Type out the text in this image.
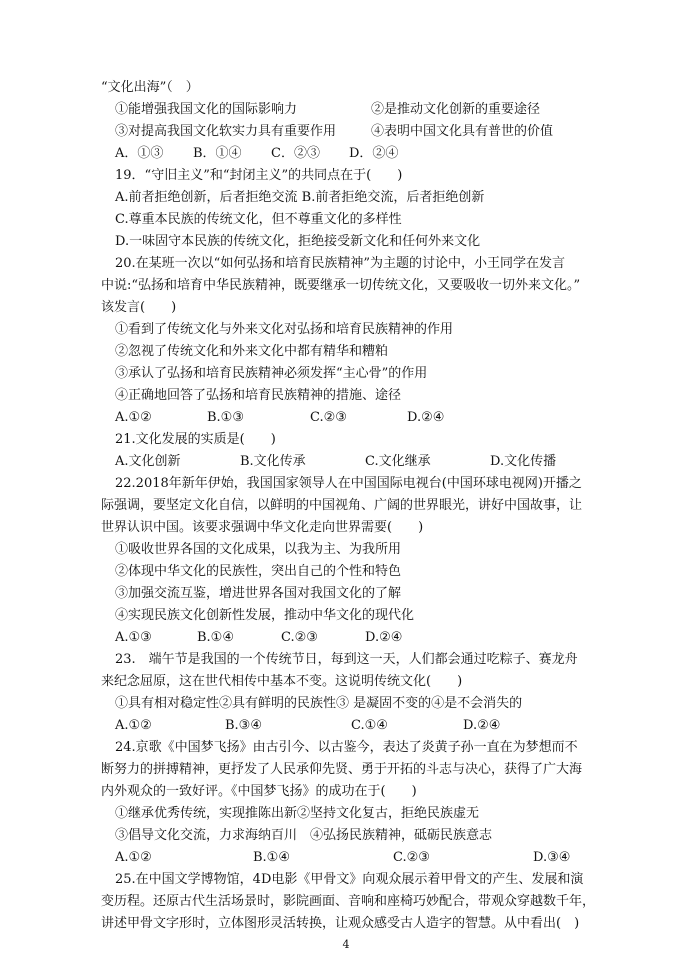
“文化出海”（　）
①能增强我国文化的国际影响力	②是推动文化创新的重要途径
③对提高我国文化软实力具有重要作用	④表明中国文化具有普世的价值
A．①③ B．①④ C．②③ D．②④
19．“守旧主义”和“封闭主义”的共同点在于(　　)
A.前者拒绝创新，后者拒绝交流 B.前者拒绝交流，后者拒绝创新
C.尊重本民族的传统文化，但不尊重文化的多样性
D.一味固守本民族的传统文化，拒绝接受新文化和任何外来文化
20.在某班一次以“如何弘扬和培育民族精神”为主题的讨论中，小王同学在发言
中说:“弘扬和培育中华民族精神，既要继承一切传统文化，又要吸收一切外来文化。”
该发言(　　)
①看到了传统文化与外来文化对弘扬和培育民族精神的作用
②忽视了传统文化和外来文化中都有精华和糟粕
③承认了弘扬和培育民族精神必须发挥“主心骨”的作用
④正确地回答了弘扬和培育民族精神的措施、途径
A.①②	B.①③	C.②③	D.②④
21.文化发展的实质是(　　)
A.文化创新	B.文化传承	C.文化继承	D.文化传播
22.2018年新年伊始，我国国家领导人在中国国际电视台(中国环球电视网)开播之
际强调，要坚定文化自信，以鲜明的中国视角、广阔的世界眼光，讲好中国故事，让
世界认识中国。该要求强调中华文化走向世界需要(　　)
①吸收世界各国的文化成果，以我为主、为我所用
②体现中华文化的民族性，突出自己的个性和特色
③加强交流互鉴，增进世界各国对我国文化的了解
④实现民族文化创新性发展，推动中华文化的现代化
A.①③	B.①④	C.②③	D.②④
23.　端午节是我国的一个传统节日，每到这一天，人们都会通过吃粽子、赛龙舟
来纪念屈原，这在世代相传中基本不变。这说明传统文化(　　)
①具有相对稳定性②具有鲜明的民族性③ 是凝固不变的④是不会消失的
A.①②	B.③④	C.①④	D.②④
24.京歌《中国梦飞扬》由古引今、以古鉴今，表达了炎黄子孙一直在为梦想而不
断努力的拼搏精神，更抒发了人民承仰先贤、勇于开拓的斗志与决心，获得了广大海
内外观众的一致好评。《中国梦飞扬》的成功在于(　　)
①继承优秀传统，实现推陈出新②坚持文化复古，拒绝民族虚无
③倡导文化交流，力求海纳百川　④弘扬民族精神，砥砺民族意志
A.①②	B.①④	C.②③	D.③④
25.在中国文学博物馆，4D电影《甲骨文》向观众展示着甲骨文的产生、发展和演
变历程。还原古代生活场景时，影院画面、音响和座椅巧妙配合，带观众穿越数千年，
讲述甲骨文字形时，立体图形灵活转换，让观众感受古人造字的智慧。从中看出(　)
4
